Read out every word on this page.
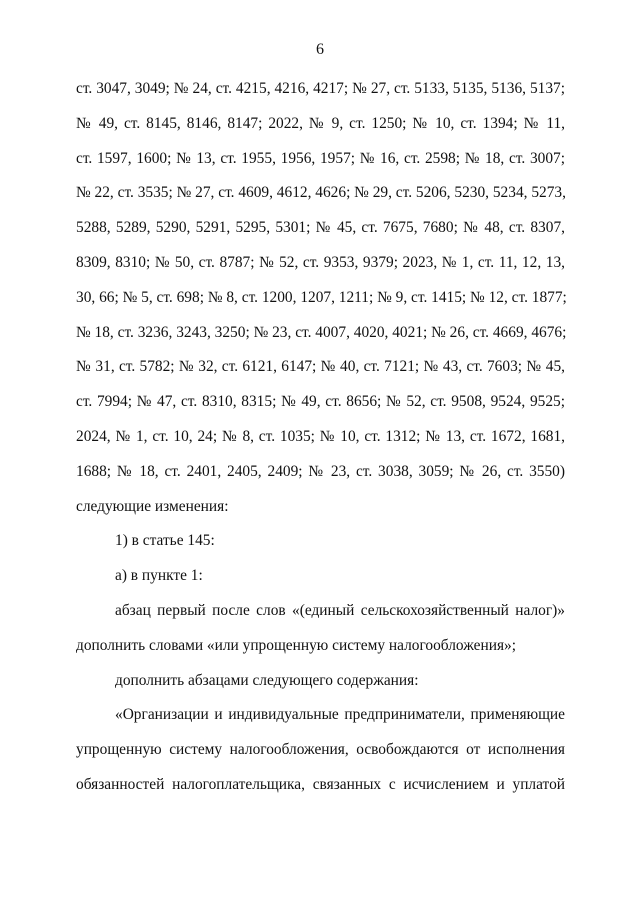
6
ст. 3047, 3049; № 24, ст. 4215, 4216, 4217; № 27, ст. 5133, 5135, 5136, 5137;
№ 49, ст. 8145, 8146, 8147; 2022, № 9, ст. 1250; № 10, ст. 1394; № 11,
ст. 1597, 1600; № 13, ст. 1955, 1956, 1957; № 16, ст. 2598; № 18, ст. 3007;
№ 22, ст. 3535; № 27, ст. 4609, 4612, 4626; № 29, ст. 5206, 5230, 5234, 5273,
5288, 5289, 5290, 5291, 5295, 5301; № 45, ст. 7675, 7680; № 48, ст. 8307,
8309, 8310; № 50, ст. 8787; № 52, ст. 9353, 9379; 2023, № 1, ст. 11, 12, 13,
30, 66; № 5, ст. 698; № 8, ст. 1200, 1207, 1211; № 9, ст. 1415; № 12, ст. 1877;
№ 18, ст. 3236, 3243, 3250; № 23, ст. 4007, 4020, 4021; № 26, ст. 4669, 4676;
№ 31, ст. 5782; № 32, ст. 6121, 6147; № 40, ст. 7121; № 43, ст. 7603; № 45,
ст. 7994; № 47, ст. 8310, 8315; № 49, ст. 8656; № 52, ст. 9508, 9524, 9525;
2024, № 1, ст. 10, 24; № 8, ст. 1035; № 10, ст. 1312; № 13, ст. 1672, 1681,
1688; № 18, ст. 2401, 2405, 2409; № 23, ст. 3038, 3059; № 26, ст. 3550)
следующие изменения:
1) в статье 145:
а) в пункте 1:
абзац первый после слов «(единый сельскохозяйственный налог)»
дополнить словами «или упрощенную систему налогообложения»;
дополнить абзацами следующего содержания:
«Организации и индивидуальные предприниматели, применяющие
упрощенную систему налогообложения, освобождаются от исполнения
обязанностей налогоплательщика, связанных с исчислением и уплатой
